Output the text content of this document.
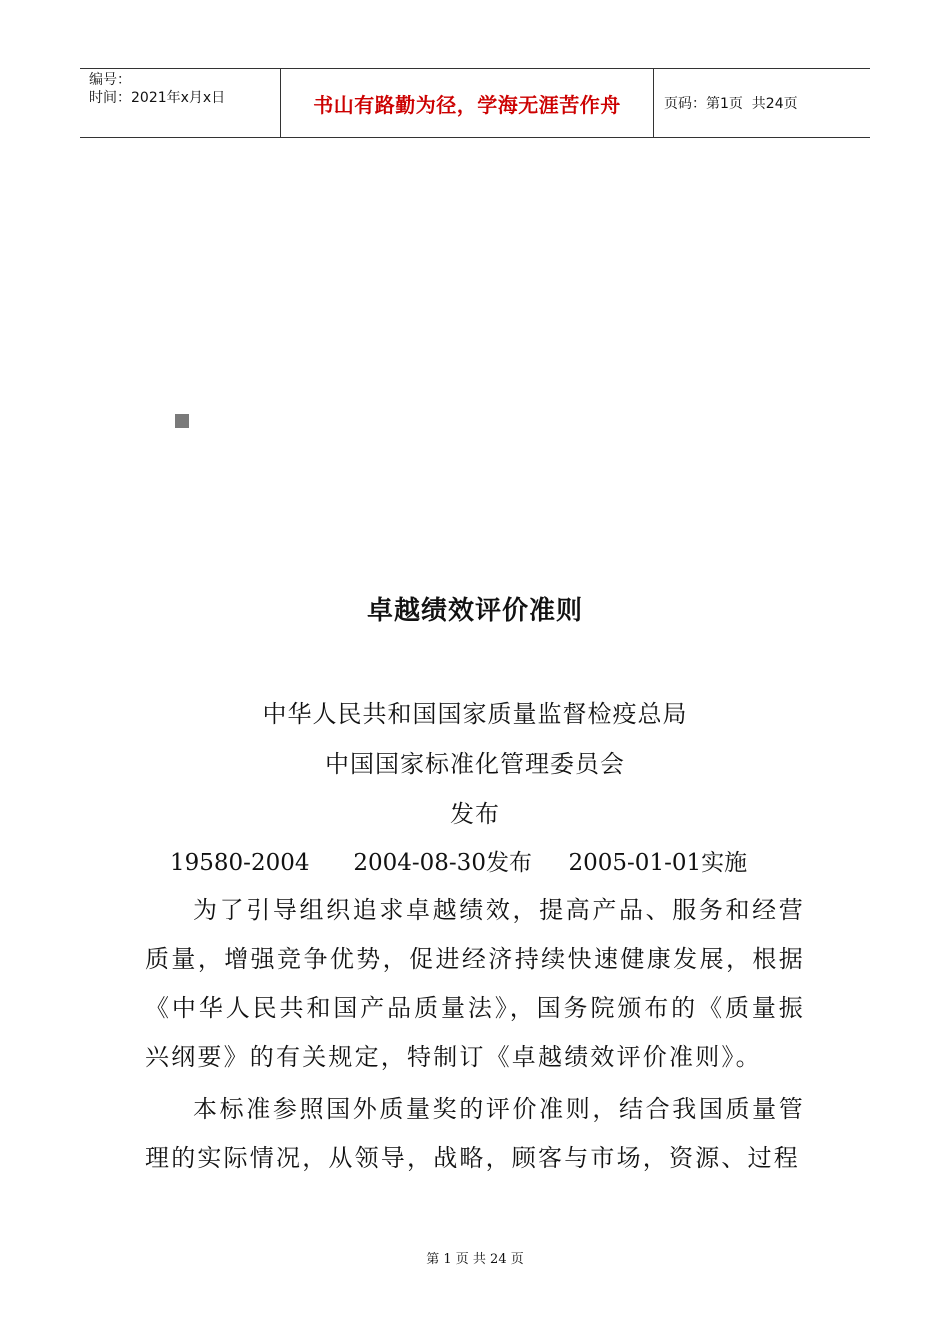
编号：
时间：2021年x月x日	书山有路勤为径，学海无涯苦作舟	页码：第1页  共24页
卓越绩效评价准则
中华人民共和国国家质量监督检疫总局
中国国家标准化管理委员会
发布
19580-2004      2004-08-30发布     2005-01-01实施
为了引导组织追求卓越绩效，提高产品、服务和经营质量，增强竞争优势，促进经济持续快速健康发展，根据《中华人民共和国产品质量法》，国务院颁布的《质量振兴纲要》的有关规定，特制订《卓越绩效评价准则》。
本标准参照国外质量奖的评价准则，结合我国质量管理的实际情况，从领导，战略，顾客与市场，资源、过程
第 1 页 共 24 页
